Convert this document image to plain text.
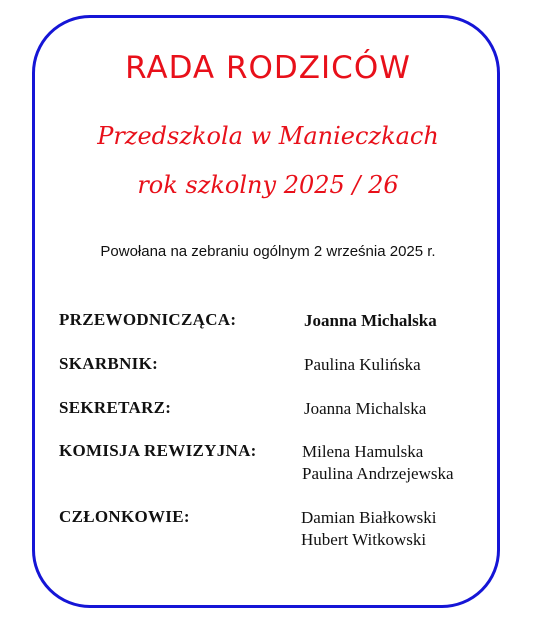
RADA RODZICÓW

Przedszkola w Manieczkach

rok szkolny 2025 / 26

Powołana na zebraniu ogólnym 2 września 2025 r.

PRZEWODNICZĄCA:	Joanna Michalska
SKARBNIK:	Paulina Kulińska
SEKRETARZ:	Joanna Michalska
KOMISJA REWIZYJNA:	Milena Hamulska
Paulina Andrzejewska
CZŁONKOWIE:	Damian Białkowski
Hubert Witkowski
